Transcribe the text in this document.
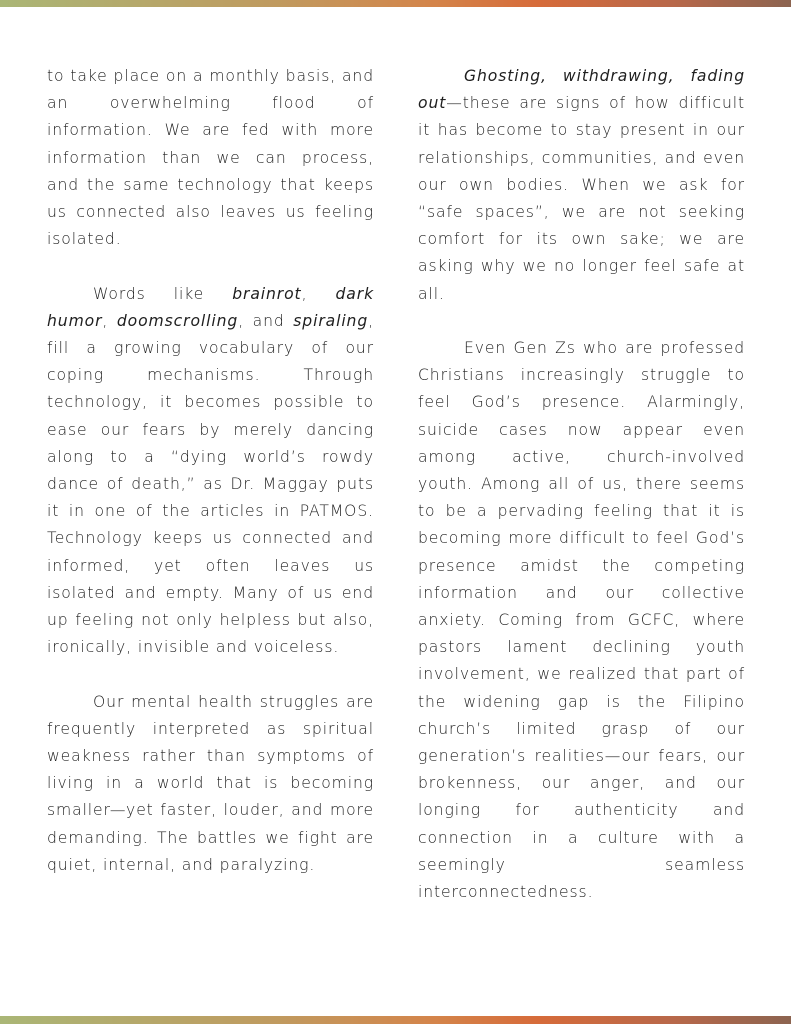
to take place on a monthly basis, and an overwhelming flood of information. We are fed with more information than we can process, and the same technology that keeps us connected also leaves us feeling isolated.

Words like brainrot, dark humor, doomscrolling, and spiraling, fill a growing vocabulary of our coping mechanisms. Through technology, it becomes possible to ease our fears by merely dancing along to a “dying world’s rowdy dance of death,” as Dr. Maggay puts it in one of the articles in PATMOS. Technology keeps us connected and informed, yet often leaves us isolated and empty. Many of us end up feeling not only helpless but also, ironically, invisible and voiceless.

Our mental health struggles are frequently interpreted as spiritual weakness rather than symptoms of living in a world that is becoming smaller—yet faster, louder, and more demanding. The battles we fight are quiet, internal, and paralyzing.

Ghosting, withdrawing, fading out—these are signs of how difficult it has become to stay present in our relationships, communities, and even our own bodies. When we ask for “safe spaces”, we are not seeking comfort for its own sake; we are asking why we no longer feel safe at all.

Even Gen Zs who are professed Christians increasingly struggle to feel God’s presence. Alarmingly, suicide cases now appear even among active, church-involved youth. Among all of us, there seems to be a pervading feeling that it is becoming more difficult to feel God’s presence amidst the competing information and our collective anxiety. Coming from GCFC, where pastors lament declining youth involvement, we realized that part of the widening gap is the Filipino church’s limited grasp of our generation’s realities—our fears, our brokenness, our anger, and our longing for authenticity and connection in a culture with a seemingly seamless interconnectedness.
